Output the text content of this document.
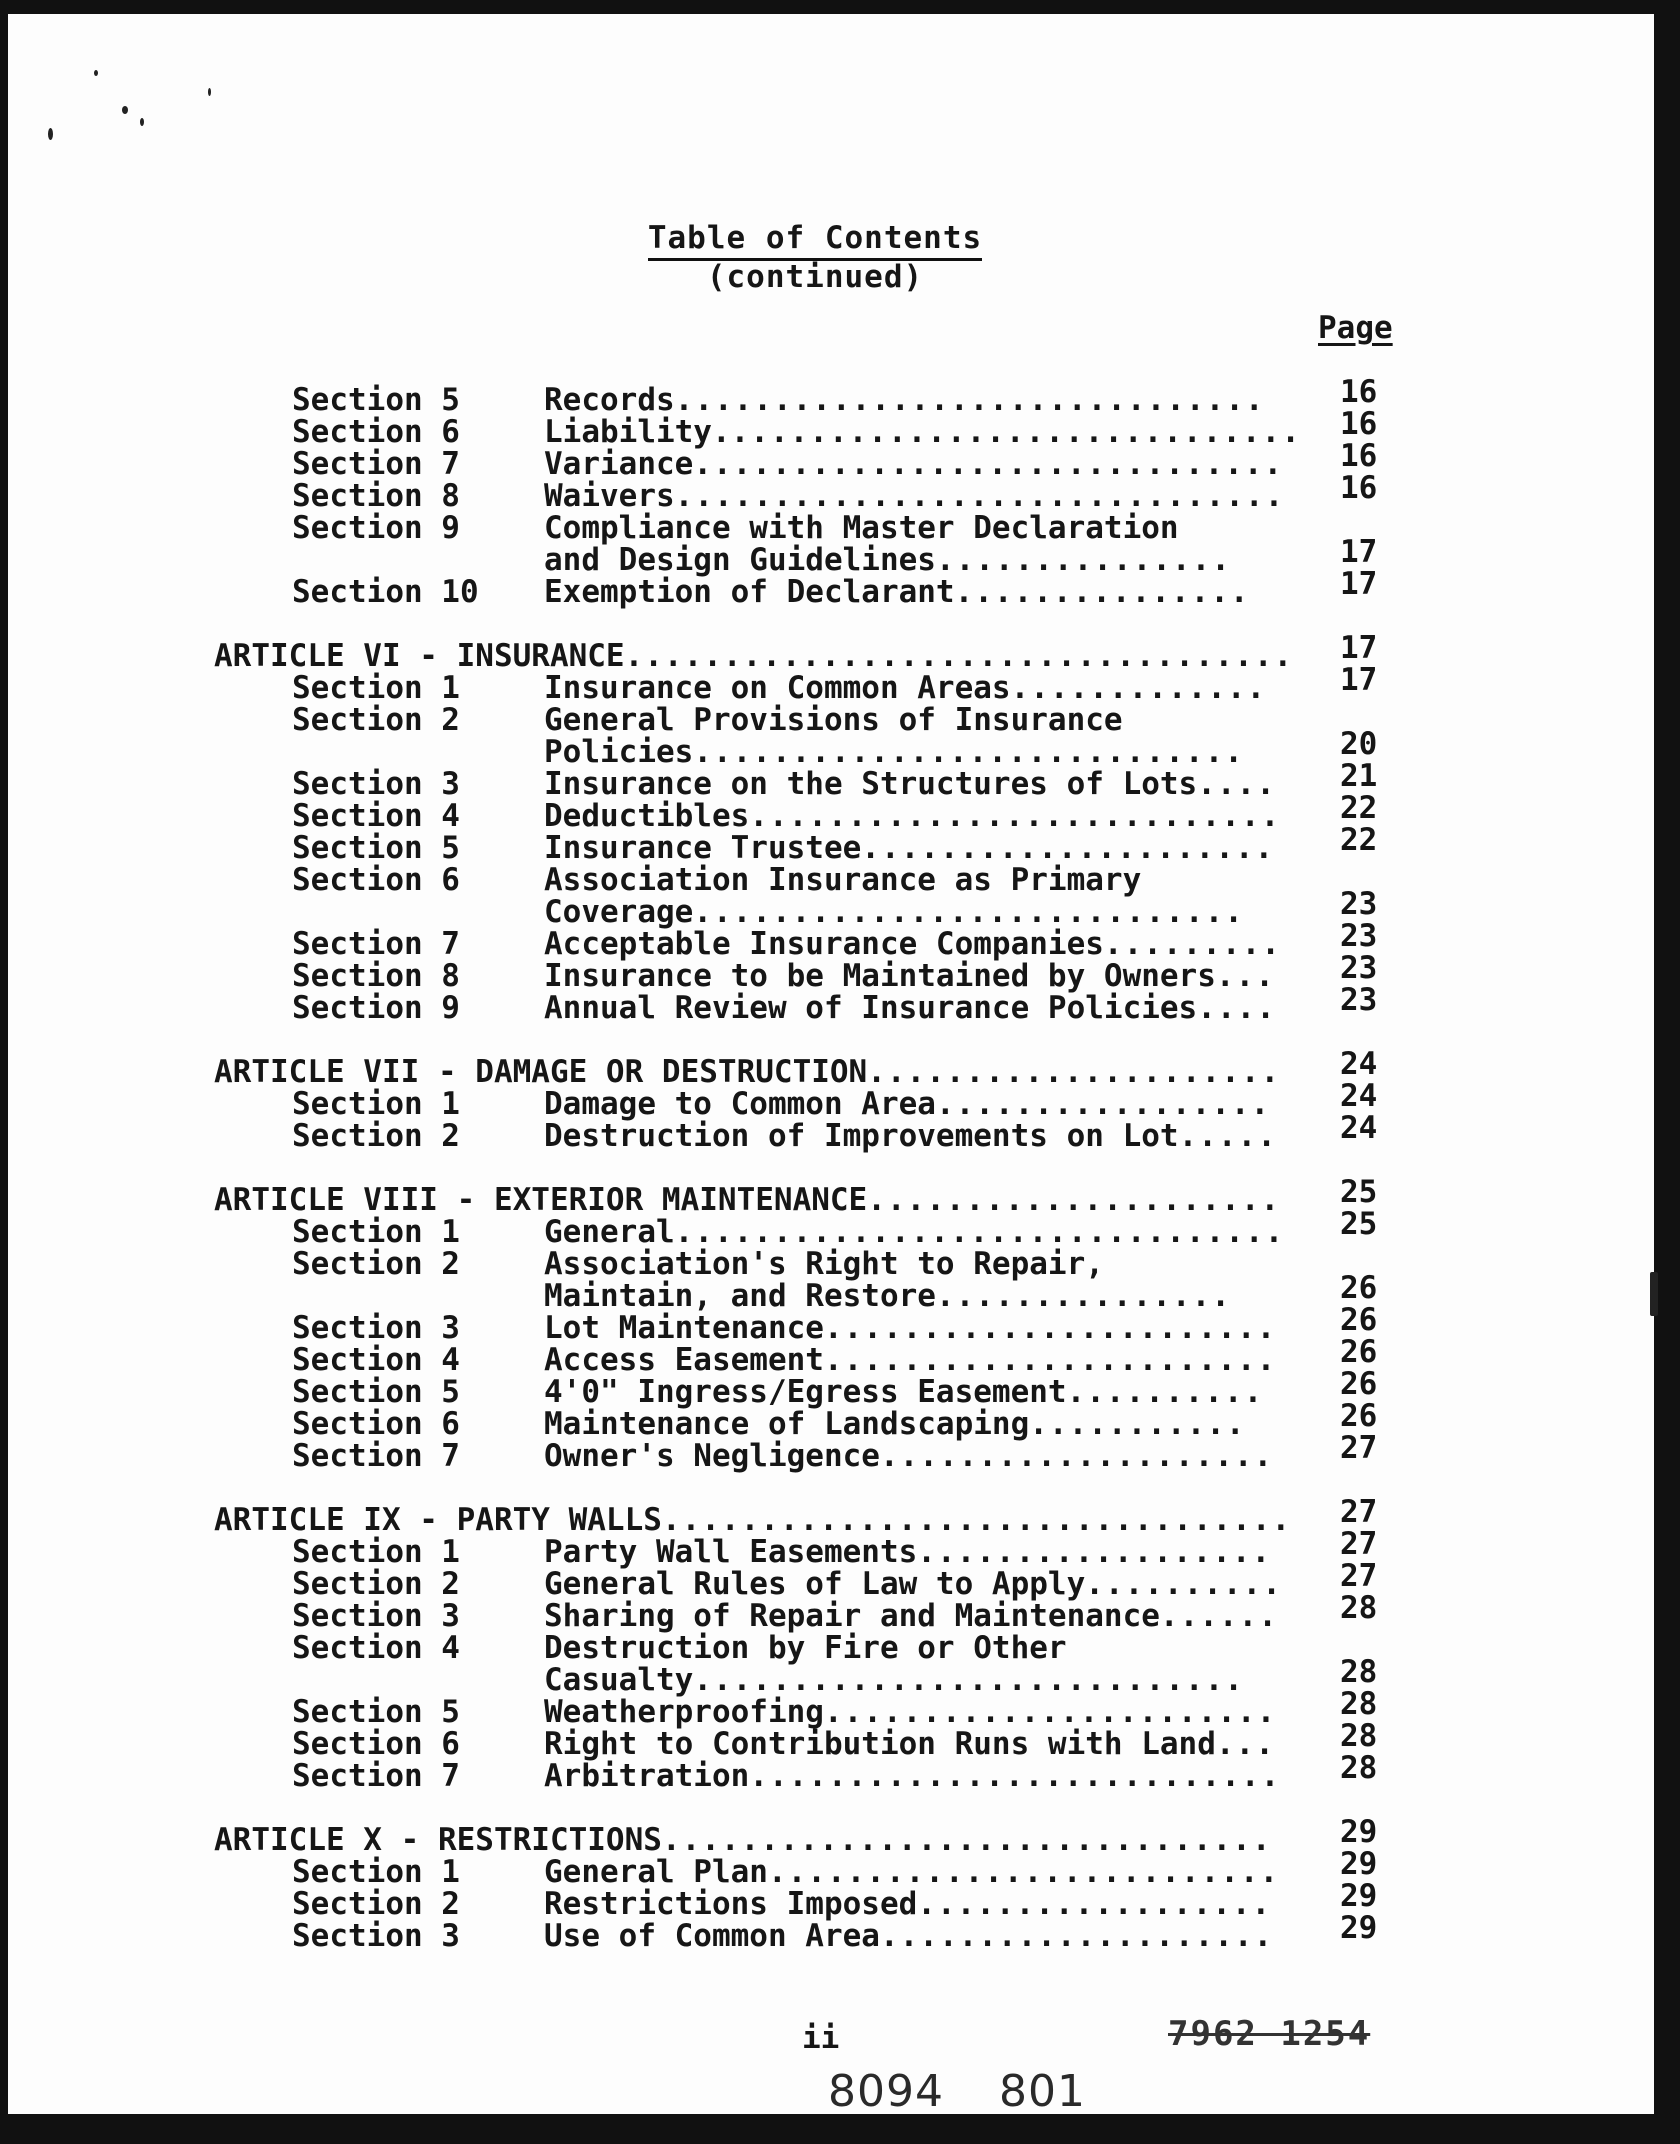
Table of Contents
(continued)
Page
Section 5	Records.............................. 16
Section 6	Liability.............................. 16
Section 7	Variance.............................. 16
Section 8	Waivers............................... 16
Section 9	Compliance with Master Declaration
and Design Guidelines...............	17
Section 10 Exemption of Declarant...............	17
ARTICLE VI - INSURANCE.................................. 17
Section 1	Insurance on Common Areas............. 17
Section 2	General Provisions of Insurance
Policies............................	20
Section 3	Insurance on the Structures of Lots.... 21
Section 4	Deductibles........................... 22
Section 5	Insurance Trustee..................... 22
Section 6	Association Insurance as Primary
Coverage............................	23
Section 7	Acceptable Insurance Companies......... 23
Section 8	Insurance to be Maintained by Owners... 23
Section 9	Annual Review of Insurance Policies.... 23
ARTICLE VII - DAMAGE OR DESTRUCTION..................... 24
Section 1	Damage to Common Area................. 24
Section 2	Destruction of Improvements on Lot..... 24
ARTICLE VIII - EXTERIOR MAINTENANCE..................... 25
Section 1	General............................... 25
Section 2	Association's Right to Repair,
Maintain, and Restore...............	26
Section 3	Lot Maintenance....................... 26
Section 4	Access Easement....................... 26
Section 5	4'0" Ingress/Egress Easement.......... 26
Section 6	Maintenance of Landscaping...........	26
Section 7	Owner's Negligence.................... 27
ARTICLE IX - PARTY WALLS................................ 27
Section 1	Party Wall Easements.................. 27
Section 2	General Rules of Law to Apply.......... 27
Section 3	Sharing of Repair and Maintenance...... 28
Section 4	Destruction by Fire or Other
Casualty............................	28
Section 5	Weatherproofing....................... 28
Section 6	Right to Contribution Runs with Land... 28
Section 7	Arbitration........................... 28
ARTICLE X - RESTRICTIONS............................... 29
Section 1	General Plan.......................... 29
Section 2	Restrictions Imposed.................. 29
Section 3	Use of Common Area.................... 29
ii	7962 1254
8094 801
